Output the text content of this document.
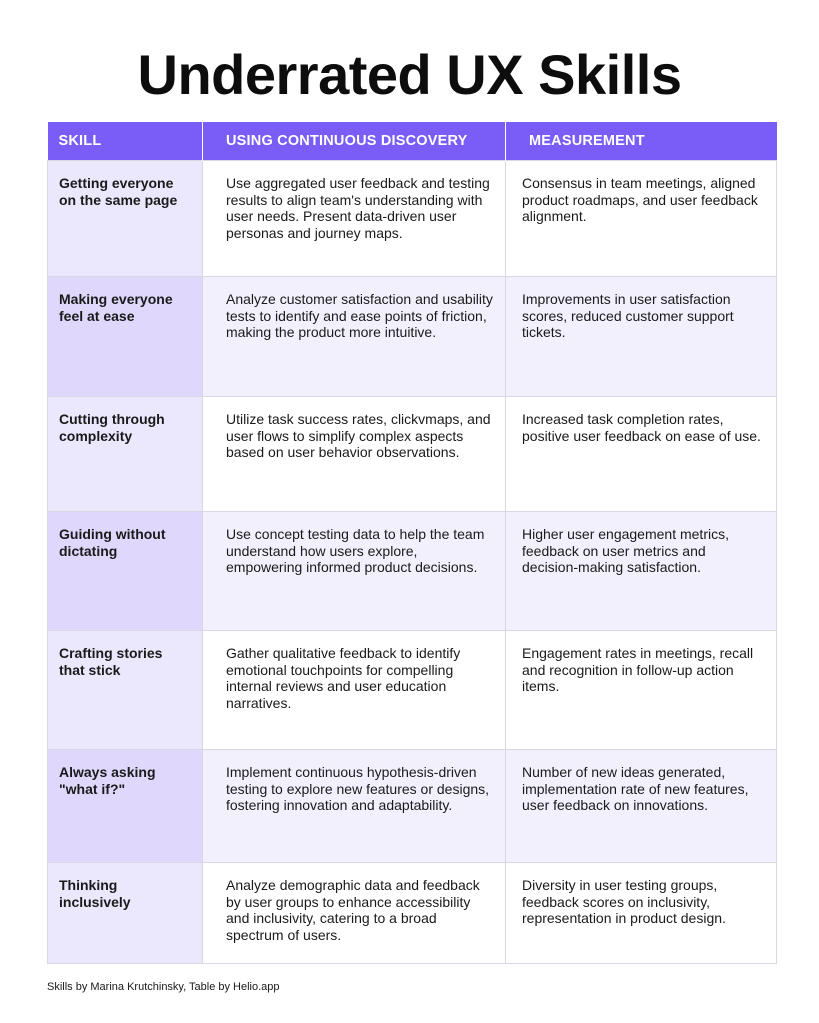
Underrated UX Skills
SKILL	USING CONTINUOUS DISCOVERY	MEASUREMENT
Getting everyone on the same page	Use aggregated user feedback and testing results to align team's understanding with user needs. Present data-driven user personas and journey maps.	Consensus in team meetings, aligned product roadmaps, and user feedback alignment.
Making everyone feel at ease	Analyze customer satisfaction and usability tests to identify and ease points of friction, making the product more intuitive.	Improvements in user satisfaction scores, reduced customer support tickets.
Cutting through complexity	Utilize task success rates, clickvmaps, and user flows to simplify complex aspects based on user behavior observations.	Increased task completion rates, positive user feedback on ease of use.
Guiding without dictating	Use concept testing data to help the team understand how users explore, empowering informed product decisions.	Higher user engagement metrics, feedback on user metrics and decision-making satisfaction.
Crafting stories that stick	Gather qualitative feedback to identify emotional touchpoints for compelling internal reviews and user education narratives.	Engagement rates in meetings, recall and recognition in follow-up action items.
Always asking "what if?"	Implement continuous hypothesis-driven testing to explore new features or designs, fostering innovation and adaptability.	Number of new ideas generated, implementation rate of new features, user feedback on innovations.
Thinking inclusively	Analyze demographic data and feedback by user groups to enhance accessibility and inclusivity, catering to a broad spectrum of users.	Diversity in user testing groups, feedback scores on inclusivity, representation in product design.
Skills by Marina Krutchinsky, Table by Helio.app
